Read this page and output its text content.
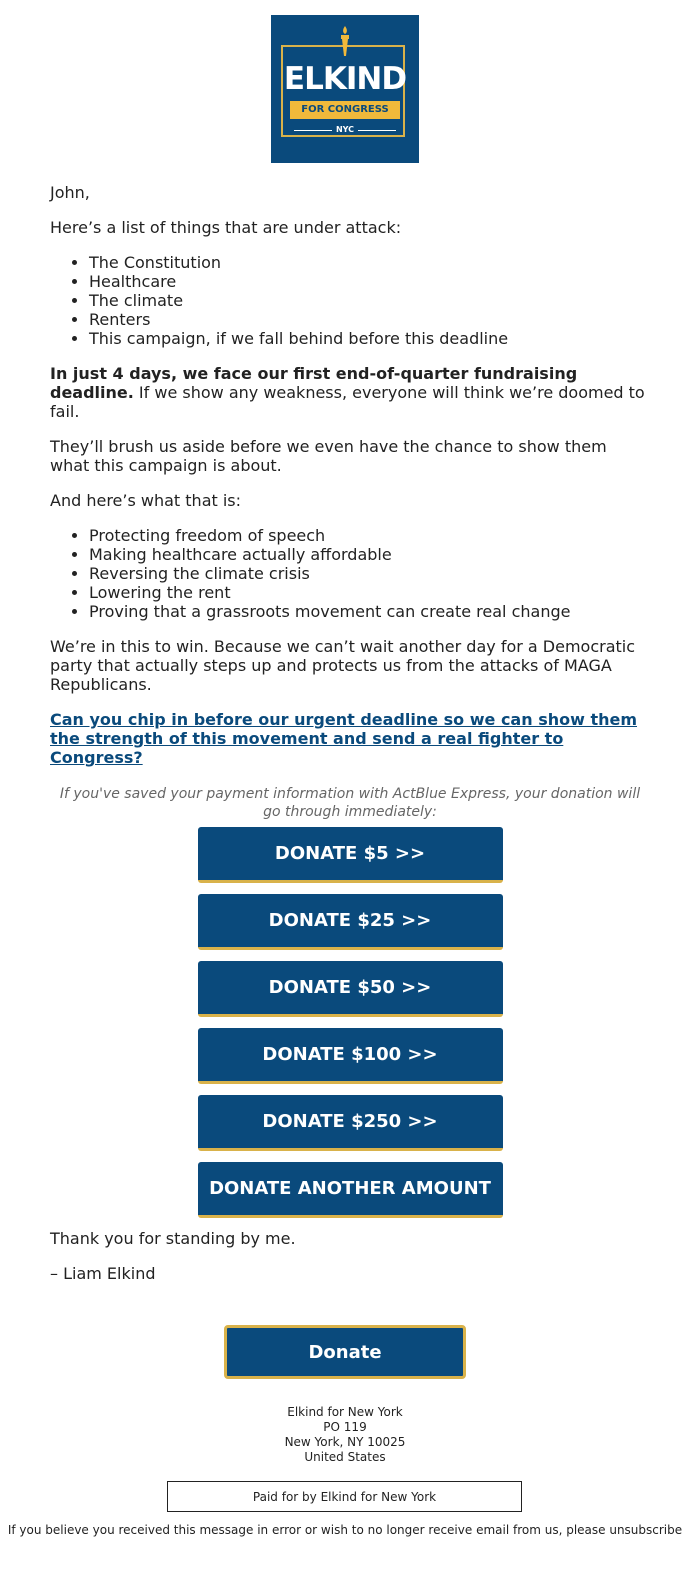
ELKIND
FOR CONGRESS
NYC

John,

Here’s a list of things that are under attack:

• The Constitution
• Healthcare
• The climate
• Renters
• This campaign, if we fall behind before this deadline

In just 4 days, we face our first end-of-quarter fundraising deadline. If we show any weakness, everyone will think we’re doomed to fail.

They’ll brush us aside before we even have the chance to show them what this campaign is about.

And here’s what that is:

• Protecting freedom of speech
• Making healthcare actually affordable
• Reversing the climate crisis
• Lowering the rent
• Proving that a grassroots movement can create real change

We’re in this to win. Because we can’t wait another day for a Democratic party that actually steps up and protects us from the attacks of MAGA Republicans.

Can you chip in before our urgent deadline so we can show them the strength of this movement and send a real fighter to Congress?
If you've saved your payment information with ActBlue Express, your donation will go through immediately:
DONATE $5 >>
DONATE $25 >>
DONATE $50 >>
DONATE $100 >>
DONATE $250 >>
DONATE ANOTHER AMOUNT

Thank you for standing by me.

– Liam Elkind

Donate
Elkind for New York
PO 119
New York, NY 10025
United States
Paid for by Elkind for New York
If you believe you received this message in error or wish to no longer receive email from us, please unsubscribe
